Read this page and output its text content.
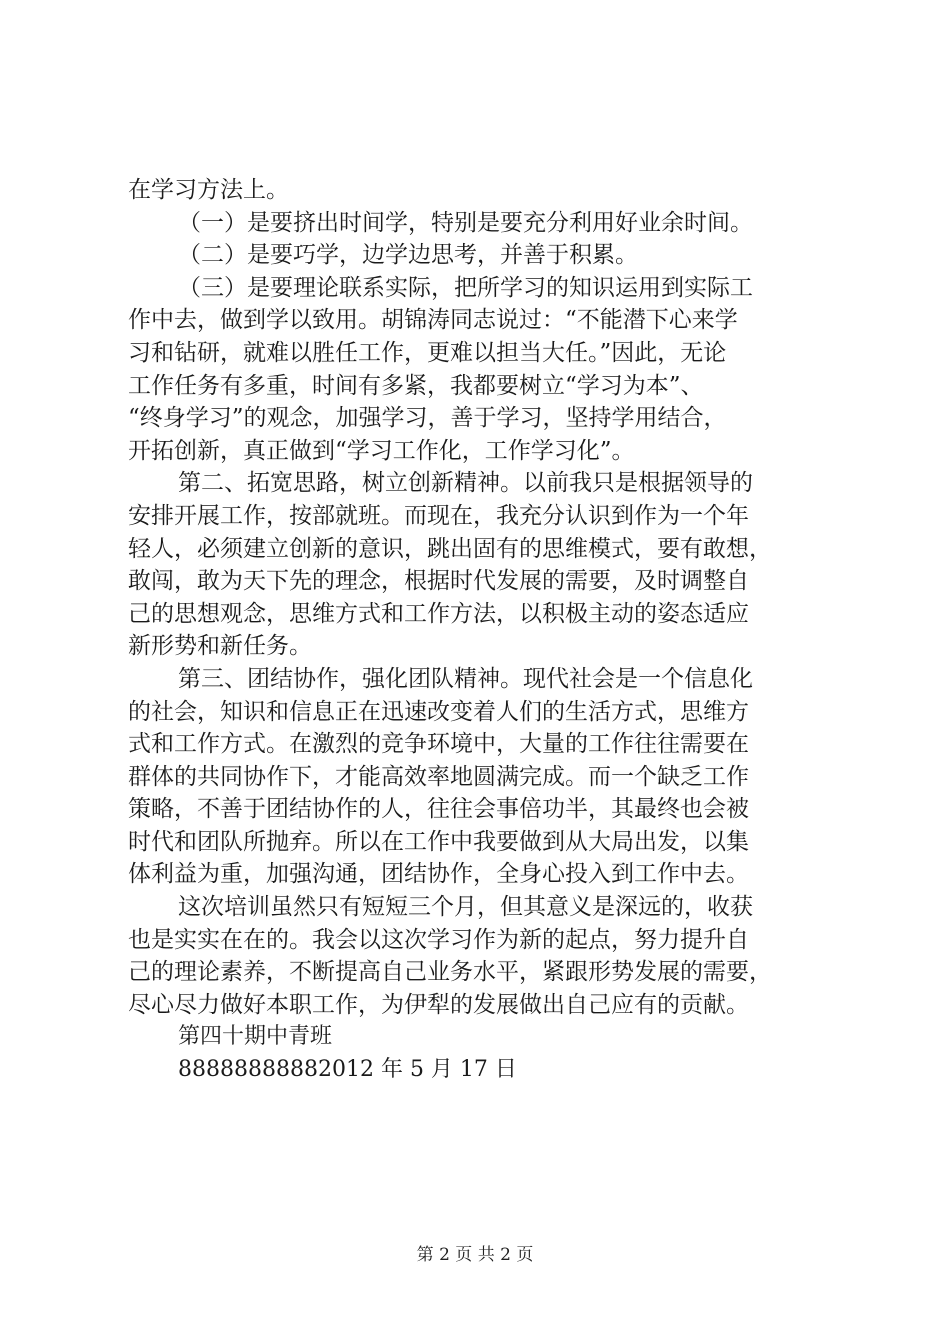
在学习方法上。
（一）是要挤出时间学，特别是要充分利用好业余时间。
（二）是要巧学，边学边思考，并善于积累。
（三）是要理论联系实际，把所学习的知识运用到实际工
作中去，做到学以致用。胡锦涛同志说过：“不能潜下心来学
习和钻研，就难以胜任工作，更难以担当大任。”因此，无论
工作任务有多重，时间有多紧，我都要树立“学习为本”、
“终身学习”的观念，加强学习，善于学习，坚持学用结合，
开拓创新，真正做到“学习工作化，工作学习化”。
第二、拓宽思路，树立创新精神。以前我只是根据领导的
安排开展工作，按部就班。而现在，我充分认识到作为一个年
轻人，必须建立创新的意识，跳出固有的思维模式，要有敢想，
敢闯，敢为天下先的理念，根据时代发展的需要，及时调整自
己的思想观念，思维方式和工作方法，以积极主动的姿态适应
新形势和新任务。
第三、团结协作，强化团队精神。现代社会是一个信息化
的社会，知识和信息正在迅速改变着人们的生活方式，思维方
式和工作方式。在激烈的竞争环境中，大量的工作往往需要在
群体的共同协作下，才能高效率地圆满完成。而一个缺乏工作
策略，不善于团结协作的人，往往会事倍功半，其最终也会被
时代和团队所抛弃。所以在工作中我要做到从大局出发，以集
体利益为重，加强沟通，团结协作，全身心投入到工作中去。
这次培训虽然只有短短三个月，但其意义是深远的，收获
也是实实在在的。我会以这次学习作为新的起点，努力提升自
己的理论素养，不断提高自己业务水平，紧跟形势发展的需要，
尽心尽力做好本职工作，为伊犁的发展做出自己应有的贡献。
第四十期中青班
88888888882012 年 5 月 17 日
第 2 页 共 2 页
